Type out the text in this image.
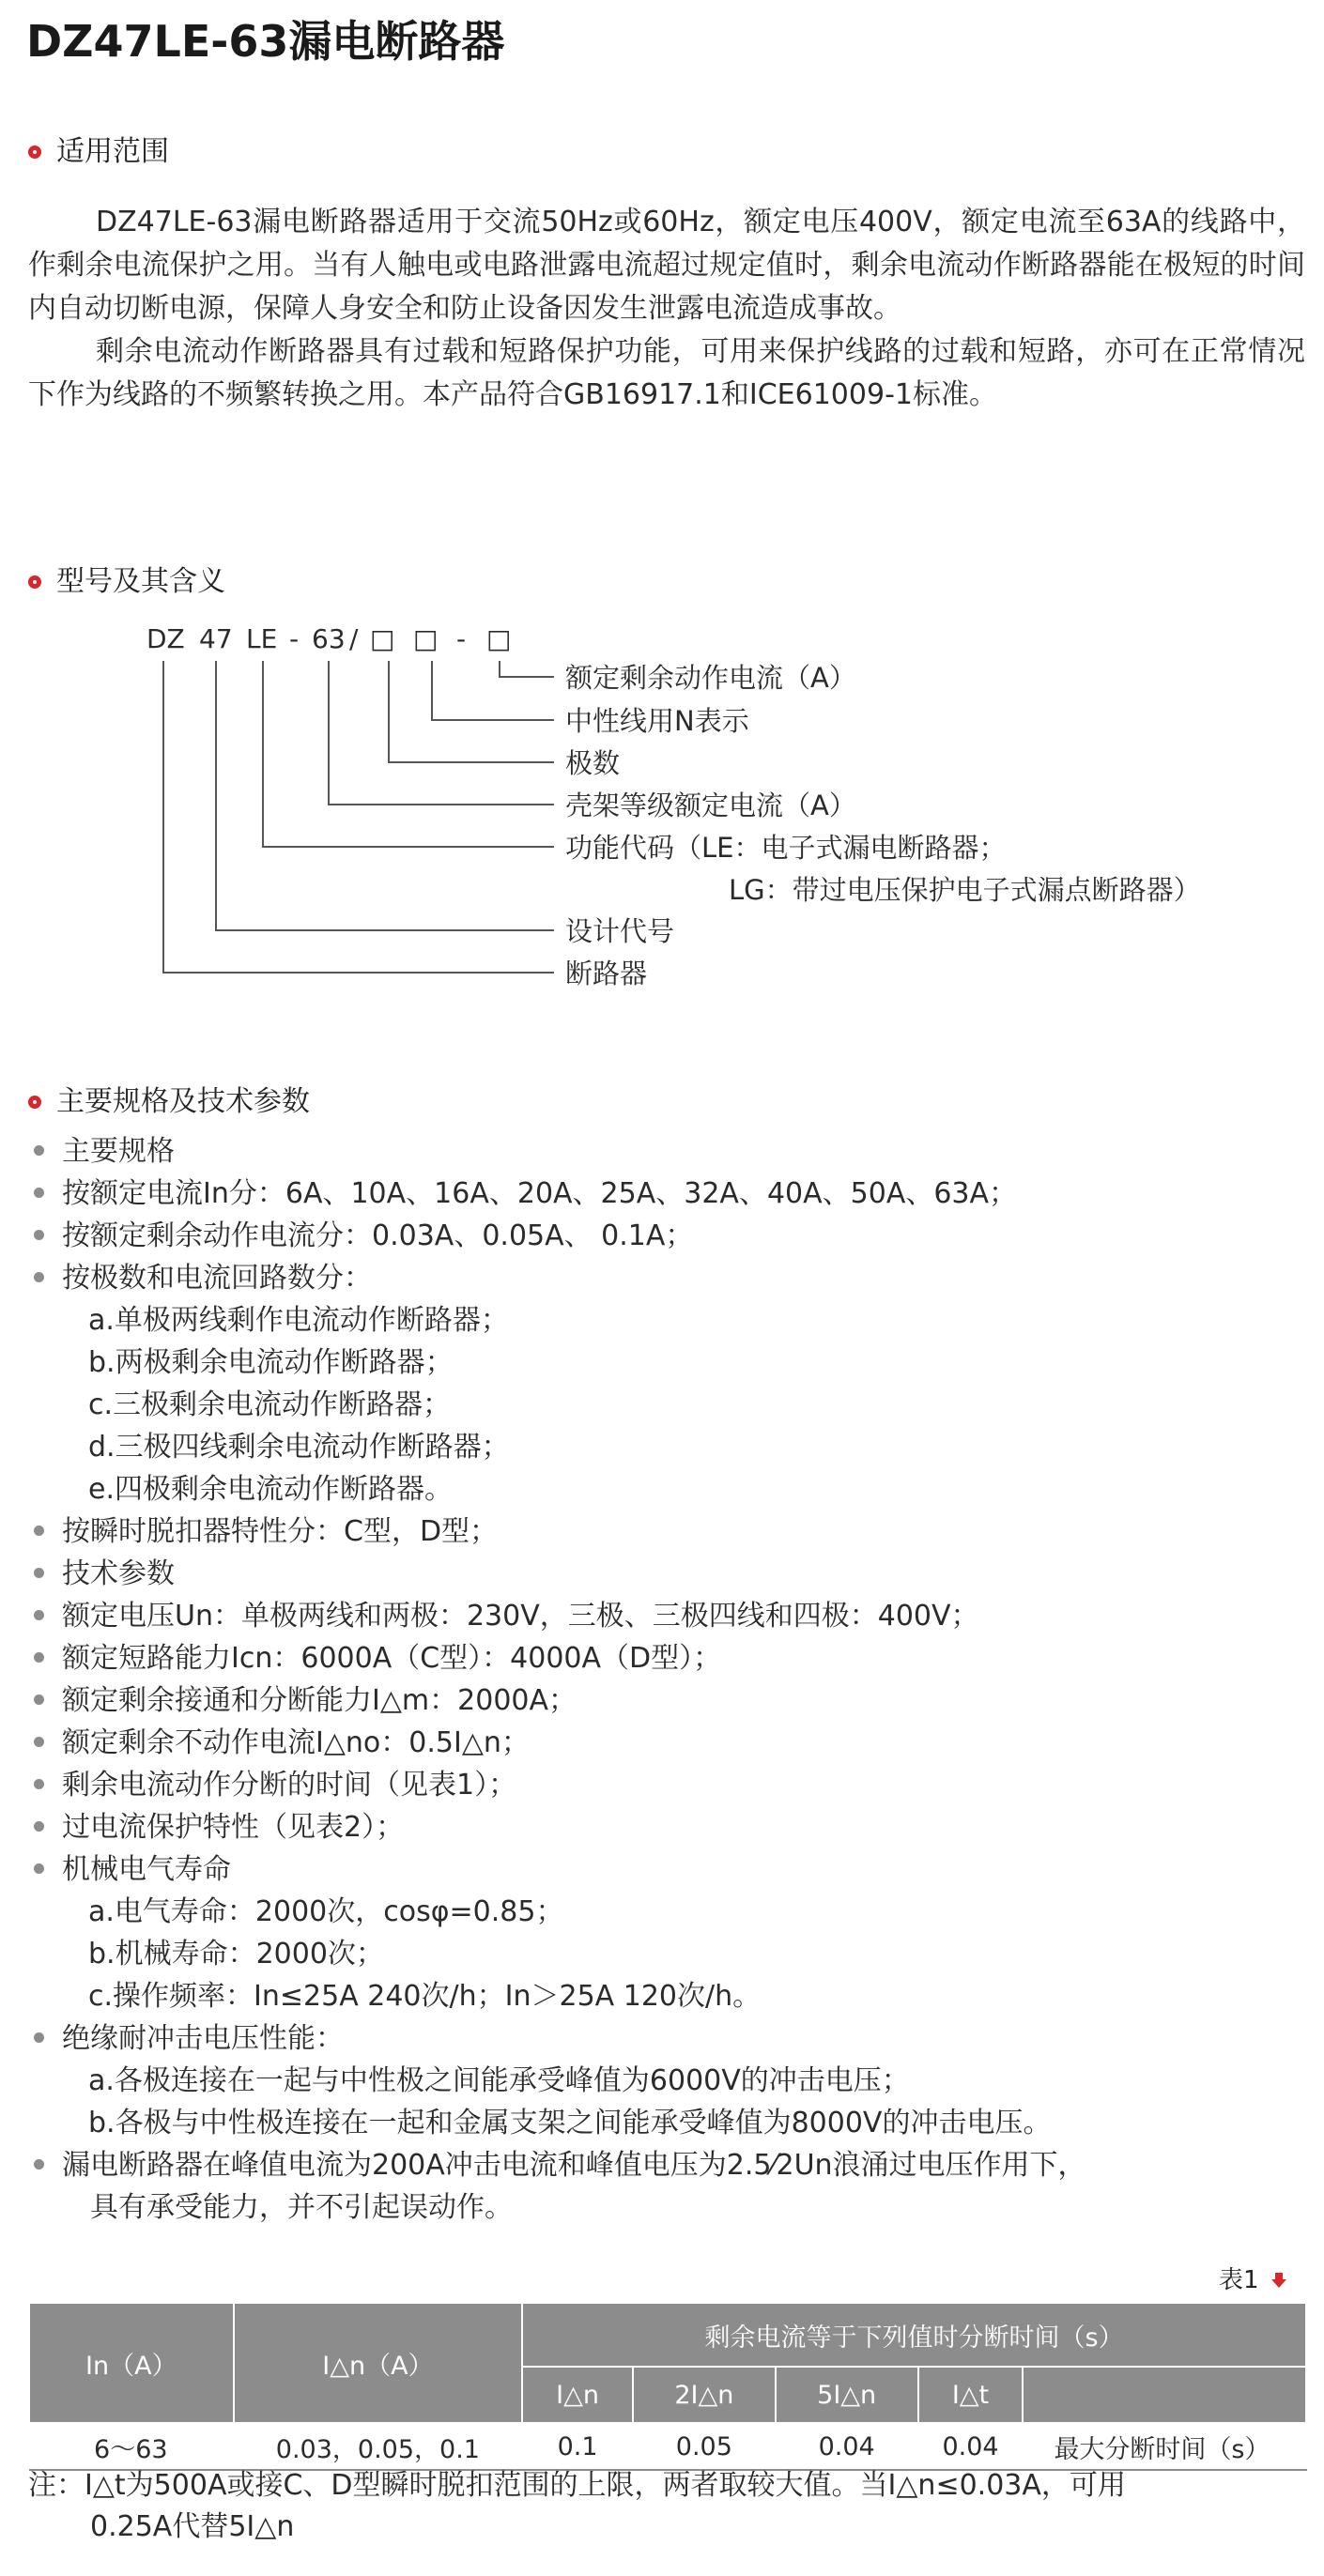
DZ47LE-63漏电断路器
适用范围

DZ47LE-63漏电断路器适用于交流50Hz或60Hz，额定电压400V，额定电流至63A的线路中，作剩余电流保护之用。当有人触电或电路泄露电流超过规定值时，剩余电流动作断路器能在极短的时间内自动切断电源，保障人身安全和防止设备因发生泄露电流造成事故。

剩余电流动作断路器具有过载和短路保护功能，可用来保护线路的过载和短路，亦可在正常情况下作为线路的不频繁转换之用。本产品符合GB16917.1和ICE61009-1标准。

型号及其含义
DZ 47 LE - 63 / □ □ - □
额定剩余动作电流（A）
中性线用N表示
极数
壳架等级额定电流（A）
功能代码（LE：电子式漏电断路器；
LG：带过电压保护电子式漏点断路器）
设计代号
断路器
主要规格及技术参数
主要规格
按额定电流In分：6A、10A、16A、20A、25A、32A、40A、50A、63A；
按额定剩余动作电流分：0.03A、0.05A、 0.1A；
按极数和电流回路数分：
a.单极两线剩作电流动作断路器；
b.两极剩余电流动作断路器；
c.三极剩余电流动作断路器；
d.三极四线剩余电流动作断路器；
e.四极剩余电流动作断路器。
按瞬时脱扣器特性分：C型，D型；
技术参数
额定电压Un：单极两线和两极：230V，三极、三极四线和四极：400V；
额定短路能力Icn：6000A（C型）：4000A（D型）；
额定剩余接通和分断能力I△m：2000A；
额定剩余不动作电流I△no：0.5I△n；
剩余电流动作分断的时间（见表1）；
过电流保护特性（见表2）；
机械电气寿命
a.电气寿命：2000次，cosφ=0.85；
b.机械寿命：2000次；
c.操作频率：In≤25A 240次/h；In＞25A 120次/h。
绝缘耐冲击电压性能：
a.各极连接在一起与中性极之间能承受峰值为6000V的冲击电压；
b.各极与中性极连接在一起和金属支架之间能承受峰值为8000V的冲击电压。
漏电断路器在峰值电流为200A冲击电流和峰值电压为2.5⁄2Un浪涌过电压作用下，
具有承受能力，并不引起误动作。
表1
In（A）	I△n（A）	剩余电流等于下列值时分断时间（s）				
		I△n	2I△n	5I△n	I△t	
6～63	0.03，0.05，0.1	0.1	0.05	0.04	0.04	最大分断时间（s）
注：I△t为500A或接C、D型瞬时脱扣范围的上限，两者取较大值。当I△n≤0.03A，可用
0.25A代替5I△n
